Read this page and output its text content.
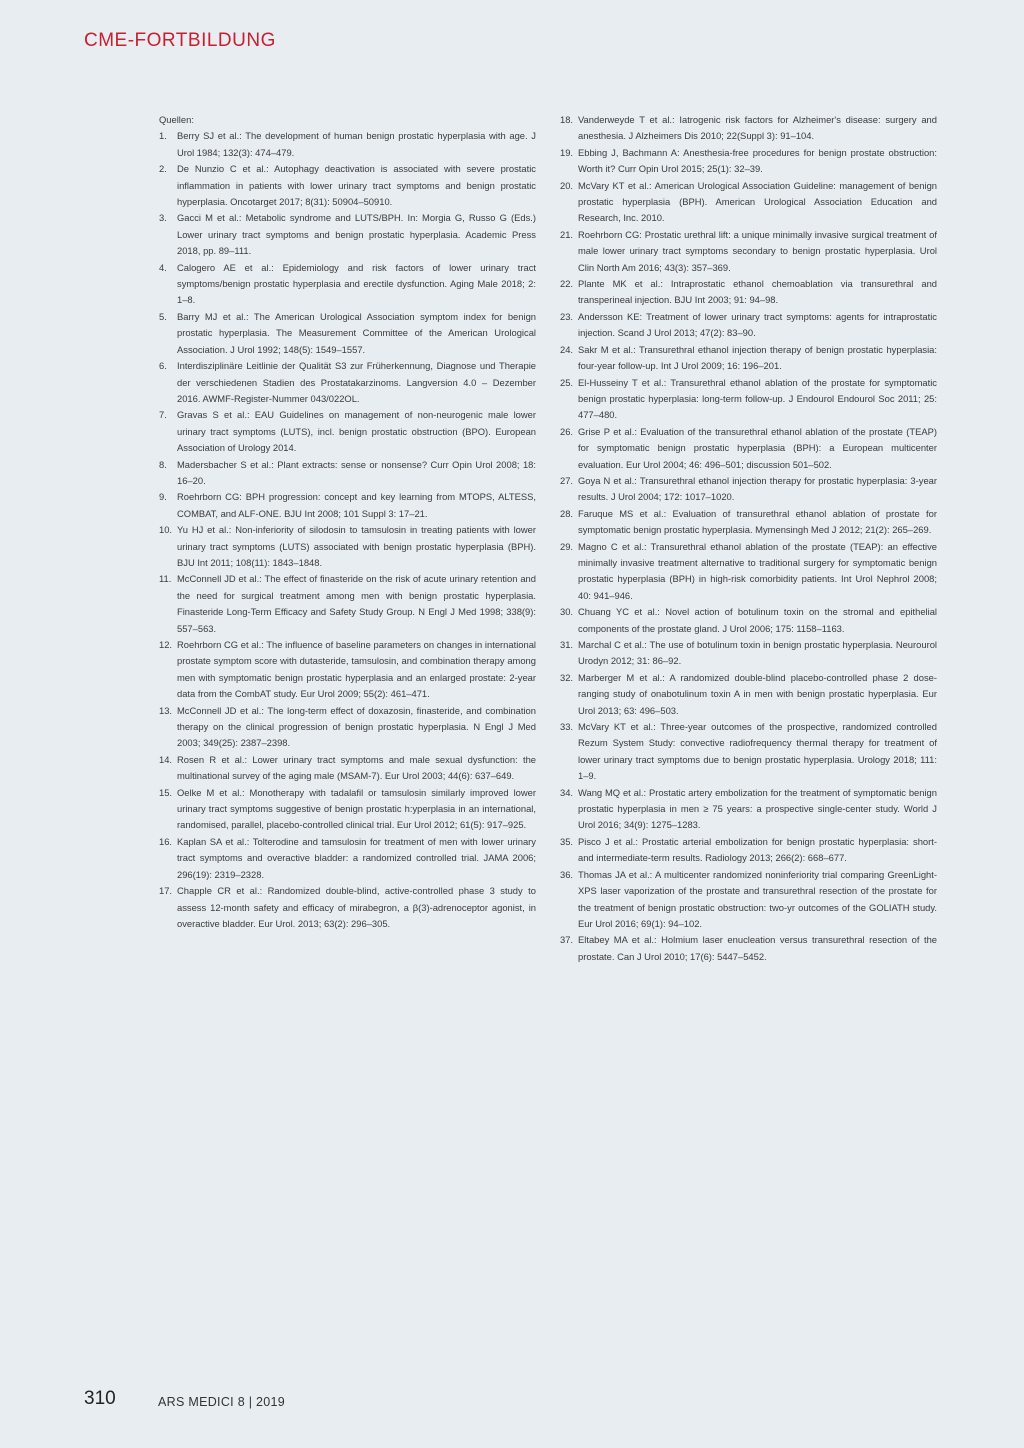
CME-FORTBILDUNG
Quellen:
1.	Berry SJ et al.: The development of human benign prostatic hyperplasia with age. J Urol 1984; 132(3): 474–479.
2.	De Nunzio C et al.: Autophagy deactivation is associated with severe prostatic inflammation in patients with lower urinary tract symptoms and benign prostatic hyperplasia. Oncotarget 2017; 8(31): 50904–50910.
3.	Gacci M et al.: Metabolic syndrome and LUTS/BPH. In: Morgia G, Russo G (Eds.) Lower urinary tract symptoms and benign prostatic hyperplasia. Academic Press 2018, pp. 89–111.
4.	Calogero AE et al.: Epidemiology and risk factors of lower urinary tract symptoms/benign prostatic hyperplasia and erectile dysfunction. Aging Male 2018; 2: 1–8.
5.	Barry MJ et al.: The American Urological Association symptom index for benign prostatic hyperplasia. The Measurement Committee of the American Urological Association. J Urol 1992; 148(5): 1549–1557.
6.	Interdisziplinäre Leitlinie der Qualität S3 zur Früherkennung, Diagnose und Therapie der verschiedenen Stadien des Prostatakarzinoms. Langversion 4.0 – Dezember 2016. AWMF-Register-Nummer 043/022OL.
7.	Gravas S et al.: EAU Guidelines on management of non-neurogenic male lower urinary tract symptoms (LUTS), incl. benign prostatic obstruction (BPO). European Association of Urology 2014.
8.	Madersbacher S et al.: Plant extracts: sense or nonsense? Curr Opin Urol 2008; 18: 16–20.
9.	Roehrborn CG: BPH progression: concept and key learning from MTOPS, ALTESS, COMBAT, and ALF-ONE. BJU Int 2008; 101 Suppl 3: 17–21.
10. Yu HJ et al.: Non-inferiority of silodosin to tamsulosin in treating patients with lower urinary tract symptoms (LUTS) associated with benign prostatic hyperplasia (BPH). BJU Int 2011; 108(11): 1843–1848.
11. McConnell JD et al.: The effect of finasteride on the risk of acute urinary retention and the need for surgical treatment among men with benign prostatic hyperplasia. Finasteride Long-Term Efficacy and Safety Study Group. N Engl J Med 1998; 338(9): 557–563.
12. Roehrborn CG et al.: The influence of baseline parameters on changes in international prostate symptom score with dutasteride, tamsulosin, and combination therapy among men with symptomatic benign prostatic hyperplasia and an enlarged prostate: 2-year data from the CombAT study. Eur Urol 2009; 55(2): 461–471.
13. McConnell JD et al.: The long-term effect of doxazosin, finasteride, and combination therapy on the clinical progression of benign prostatic hyperplasia. N Engl J Med 2003; 349(25): 2387–2398.
14. Rosen R et al.: Lower urinary tract symptoms and male sexual dysfunction: the multinational survey of the aging male (MSAM-7). Eur Urol 2003; 44(6): 637–649.
15. Oelke M et al.: Monotherapy with tadalafil or tamsulosin similarly improved lower urinary tract symptoms suggestive of benign prostatic h:yperplasia in an international, randomised, parallel, placebo-controlled clinical trial. Eur Urol 2012; 61(5): 917–925.
16. Kaplan SA et al.: Tolterodine and tamsulosin for treatment of men with lower urinary tract symptoms and overactive bladder: a randomized controlled trial. JAMA 2006; 296(19): 2319–2328.
17. Chapple CR et al.: Randomized double-blind, active-controlled phase 3 study to assess 12-month safety and efficacy of mirabegron, a β(3)-adrenoceptor agonist, in overactive bladder. Eur Urol. 2013; 63(2): 296–305.
18. Vanderweyde T et al.: Iatrogenic risk factors for Alzheimer's disease: surgery and anesthesia. J Alzheimers Dis 2010; 22(Suppl 3): 91–104.
19. Ebbing J, Bachmann A: Anesthesia-free procedures for benign prostate obstruction: Worth it? Curr Opin Urol 2015; 25(1): 32–39.
20. McVary KT et al.: American Urological Association Guideline: management of benign prostatic hyperplasia (BPH). American Urological Association Education and Research, Inc. 2010.
21. Roehrborn CG: Prostatic urethral lift: a unique minimally invasive surgical treatment of male lower urinary tract symptoms secondary to benign prostatic hyperplasia. Urol Clin North Am 2016; 43(3): 357–369.
22. Plante MK et al.: Intraprostatic ethanol chemoablation via transurethral and transperineal injection. BJU Int 2003; 91: 94–98.
23. Andersson KE: Treatment of lower urinary tract symptoms: agents for intraprostatic injection. Scand J Urol 2013; 47(2): 83–90.
24. Sakr M et al.: Transurethral ethanol injection therapy of benign prostatic hyperplasia: four-year follow-up. Int J Urol 2009; 16: 196–201.
25. El-Husseiny T et al.: Transurethral ethanol ablation of the prostate for symptomatic benign prostatic hyperplasia: long-term follow-up. J Endourol Endourol Soc 2011; 25: 477–480.
26. Grise P et al.: Evaluation of the transurethral ethanol ablation of the prostate (TEAP) for symptomatic benign prostatic hyperplasia (BPH): a European multicenter evaluation. Eur Urol 2004; 46: 496–501; discussion 501–502.
27. Goya N et al.: Transurethral ethanol injection therapy for prostatic hyperplasia: 3-year results. J Urol 2004; 172: 1017–1020.
28. Faruque MS et al.: Evaluation of transurethral ethanol ablation of prostate for symptomatic benign prostatic hyperplasia. Mymensingh Med J 2012; 21(2): 265–269.
29. Magno C et al.: Transurethral ethanol ablation of the prostate (TEAP): an effective minimally invasive treatment alternative to traditional surgery for symptomatic benign prostatic hyperplasia (BPH) in high-risk comorbidity patients. Int Urol Nephrol 2008; 40: 941–946.
30. Chuang YC et al.: Novel action of botulinum toxin on the stromal and epithelial components of the prostate gland. J Urol 2006; 175: 1158–1163.
31. Marchal C et al.: The use of botulinum toxin in benign prostatic hyperplasia. Neurourol Urodyn 2012; 31: 86–92.
32. Marberger M et al.: A randomized double-blind placebo-controlled phase 2 dose-ranging study of onabotulinum toxin A in men with benign prostatic hyperplasia. Eur Urol 2013; 63: 496–503.
33. McVary KT et al.: Three-year outcomes of the prospective, randomized controlled Rezum System Study: convective radiofrequency thermal therapy for treatment of lower urinary tract symptoms due to benign prostatic hyperplasia. Urology 2018; 111: 1–9.
34. Wang MQ et al.: Prostatic artery embolization for the treatment of symptomatic benign prostatic hyperplasia in men ≥ 75 years: a prospective single-center study. World J Urol 2016; 34(9): 1275–1283.
35. Pisco J et al.: Prostatic arterial embolization for benign prostatic hyperplasia: short- and intermediate-term results. Radiology 2013; 266(2): 668–677.
36. Thomas JA et al.: A multicenter randomized noninferiority trial comparing GreenLight-XPS laser vaporization of the prostate and transurethral resection of the prostate for the treatment of benign prostatic obstruction: two-yr outcomes of the GOLIATH study. Eur Urol 2016; 69(1): 94–102.
37. Eltabey MA et al.: Holmium laser enucleation versus transurethral resection of the prostate. Can J Urol 2010; 17(6): 5447–5452.
310	ARS MEDICI 8 | 2019
